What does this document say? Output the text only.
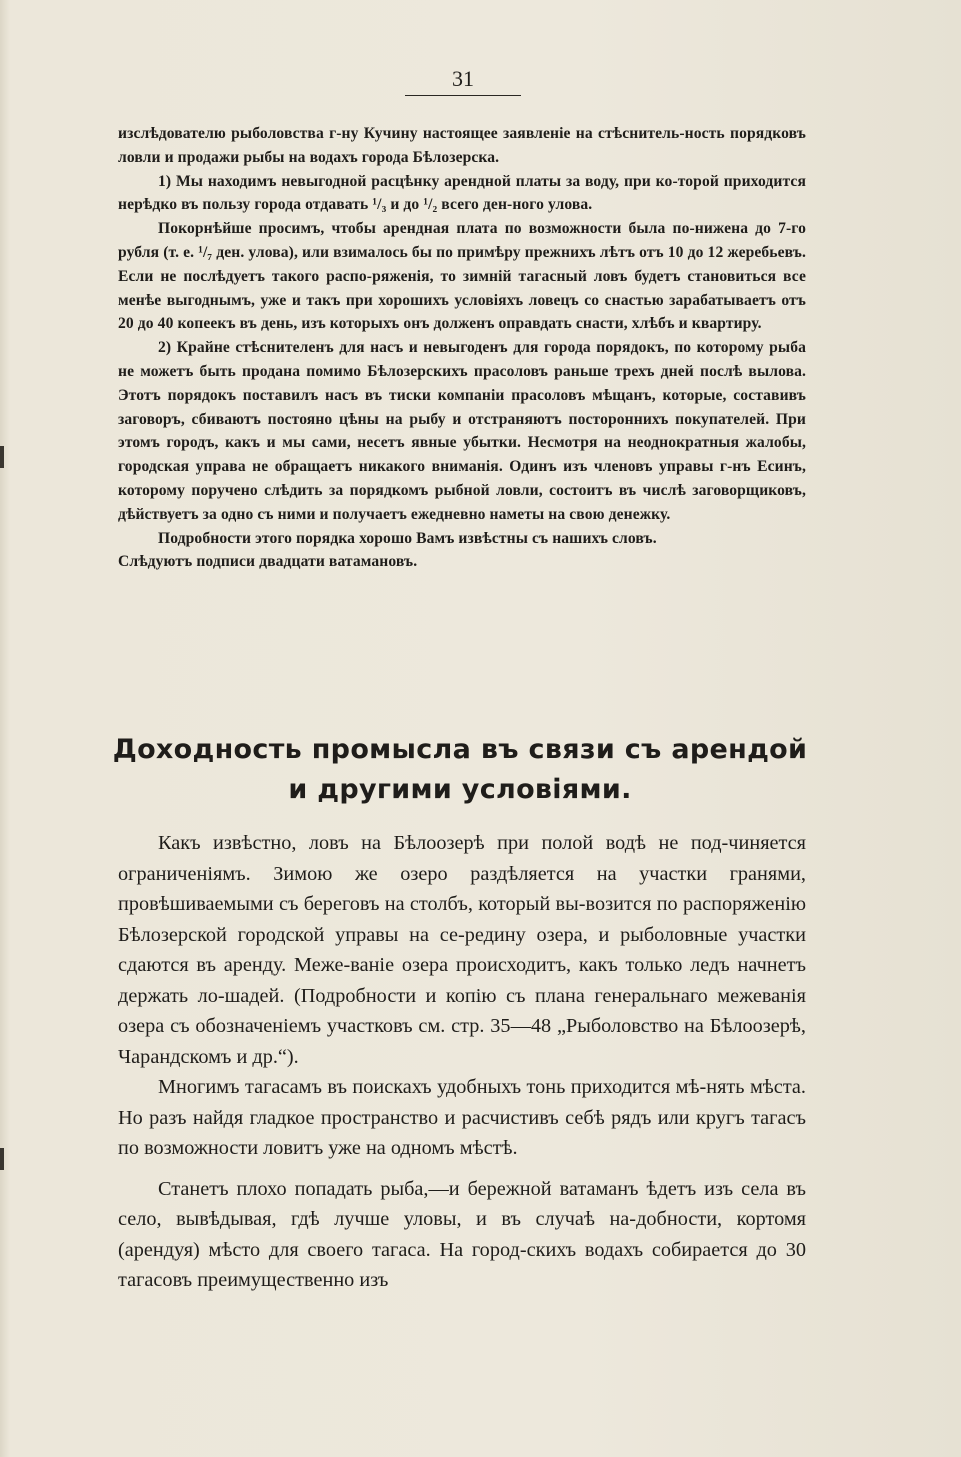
31

изслѣдователю рыболовства г-ну Кучину настоящее заявленіе на стѣснитель-ность порядковъ ловли и продажи рыбы на водахъ города Бѣлозерска.

1) Мы находимъ невыгодной расцѣнку арендной платы за воду, при ко-торой приходится нерѣдко въ пользу города отдавать ¹/₃ и до ¹/₂ всего ден-ного улова.

Покорнѣйше просимъ, чтобы арендная плата по возможности была по-нижена до 7-го рубля (т. е. ¹/₇ ден. улова), или взималось бы по примѣру прежнихъ лѣтъ отъ 10 до 12 жеребьевъ. Если не послѣдуетъ такого распо-ряженія, то зимній тагасный ловъ будетъ становиться все менѣе выгоднымъ, уже и такъ при хорошихъ условіяхъ ловецъ со снастью зарабатываетъ отъ 20 до 40 копеекъ въ день, изъ которыхъ онъ долженъ оправдать снасти, хлѣбъ и квартиру.

2) Крайне стѣснителенъ для насъ и невыгоденъ для города порядокъ, по которому рыба не можетъ быть продана помимо Бѣлозерскихъ прасоловъ раньше трехъ дней послѣ вылова. Этотъ порядокъ поставилъ насъ въ тиски компаніи прасоловъ мѣщанъ, которые, составивъ заговоръ, сбиваютъ постояно цѣны на рыбу и отстраняютъ постороннихъ покупателей. При этомъ городъ, какъ и мы сами, несетъ явные убытки. Несмотря на неоднократныя жалобы, городская управа не обращаетъ никакого вниманія. Одинъ изъ членовъ управы г-нъ Есинъ, которому поручено слѣдить за порядкомъ рыбной ловли, состоитъ въ числѣ заговорщиковъ, дѣйствуетъ за одно съ ними и получаетъ ежедневно наметы на свою денежку.

Подробности этого порядка хорошо Вамъ извѣстны съ нашихъ словъ.

Слѣдуютъ подписи двадцати ватамановъ.

Доходность промысла въ связи съ арендой
и другими условіями.

Какъ извѣстно, ловъ на Бѣлоозерѣ при полой водѣ не под-чиняется ограниченіямъ. Зимою же озеро раздѣляется на участки гранями, провѣшиваемыми съ береговъ на столбъ, который вы-возится по распоряженію Бѣлозерской городской управы на се-редину озера, и рыболовные участки сдаются въ аренду. Меже-ваніе озера происходитъ, какъ только ледъ начнетъ держать ло-шадей. (Подробности и копію съ плана генеральнаго межеванія озера съ обозначеніемъ участковъ см. стр. 35—48 „Рыболовство на Бѣлоозерѣ, Чарандскомъ и др.“).

Многимъ тагасамъ въ поискахъ удобныхъ тонь приходится мѣ-нять мѣста. Но разъ найдя гладкое пространство и расчистивъ себѣ рядъ или кругъ тагасъ по возможности ловитъ уже на одномъ мѣстѣ.

Станетъ плохо попадать рыба,—и бережной ватаманъ ѣдетъ изъ села въ село, вывѣдывая, гдѣ лучше уловы, и въ случаѣ на-добности, кортомя (арендуя) мѣсто для своего тагаса. На город-скихъ водахъ собирается до 30 тагасовъ преимущественно изъ
